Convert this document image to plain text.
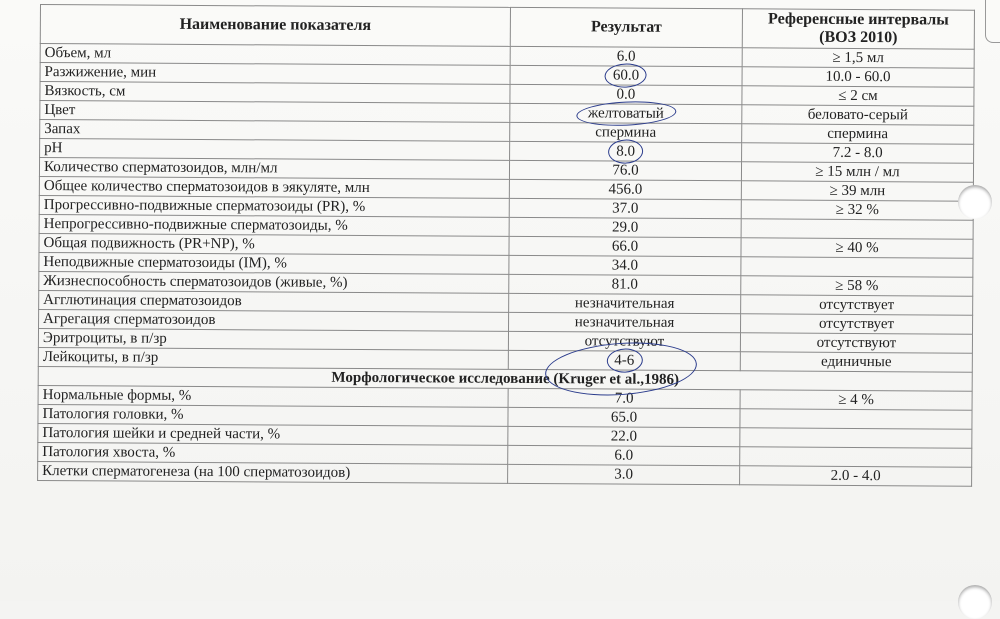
Наименование показателя	Результат	Референсные интервалы
(ВОЗ 2010)

Объем, мл	6.0	≥ 1,5 мл
Разжижение, мин	60.0	10.0 - 60.0
Вязкость, см	0.0	≤ 2 см
Цвет	желтоватый	беловато-серый
Запах	спермина	спермина
pH	8.0	7.2 - 8.0
Количество сперматозоидов, млн/мл	76.0	≥ 15 млн / мл
Общее количество сперматозоидов в эякуляте, млн	456.0	≥ 39 млн
Прогрессивно-подвижные сперматозоиды (PR), %	37.0	≥ 32 %
Непрогрессивно-подвижные сперматозоиды, %	29.0	
Общая подвижность (PR+NP), %	66.0	≥ 40 %
Неподвижные сперматозоиды (IM), %	34.0	
Жизнеспособность сперматозоидов (живые, %)	81.0	≥ 58 %
Агглютинация сперматозоидов	незначительная	отсутствует
Агрегация сперматозоидов	незначительная	отсутствует
Эритроциты, в п/зр	отсутствуют	отсутствуют
Лейкоциты, в п/зр	4-6	единичные
Морфологическое исследование (Kruger et al.,1986)		
Нормальные формы, %	7.0	≥ 4 %
Патология головки, %	65.0	
Патология шейки и средней части, %	22.0	
Патология хвоста, %	6.0	
Клетки сперматогенеза (на 100 сперматозоидов)	3.0	2.0 - 4.0
